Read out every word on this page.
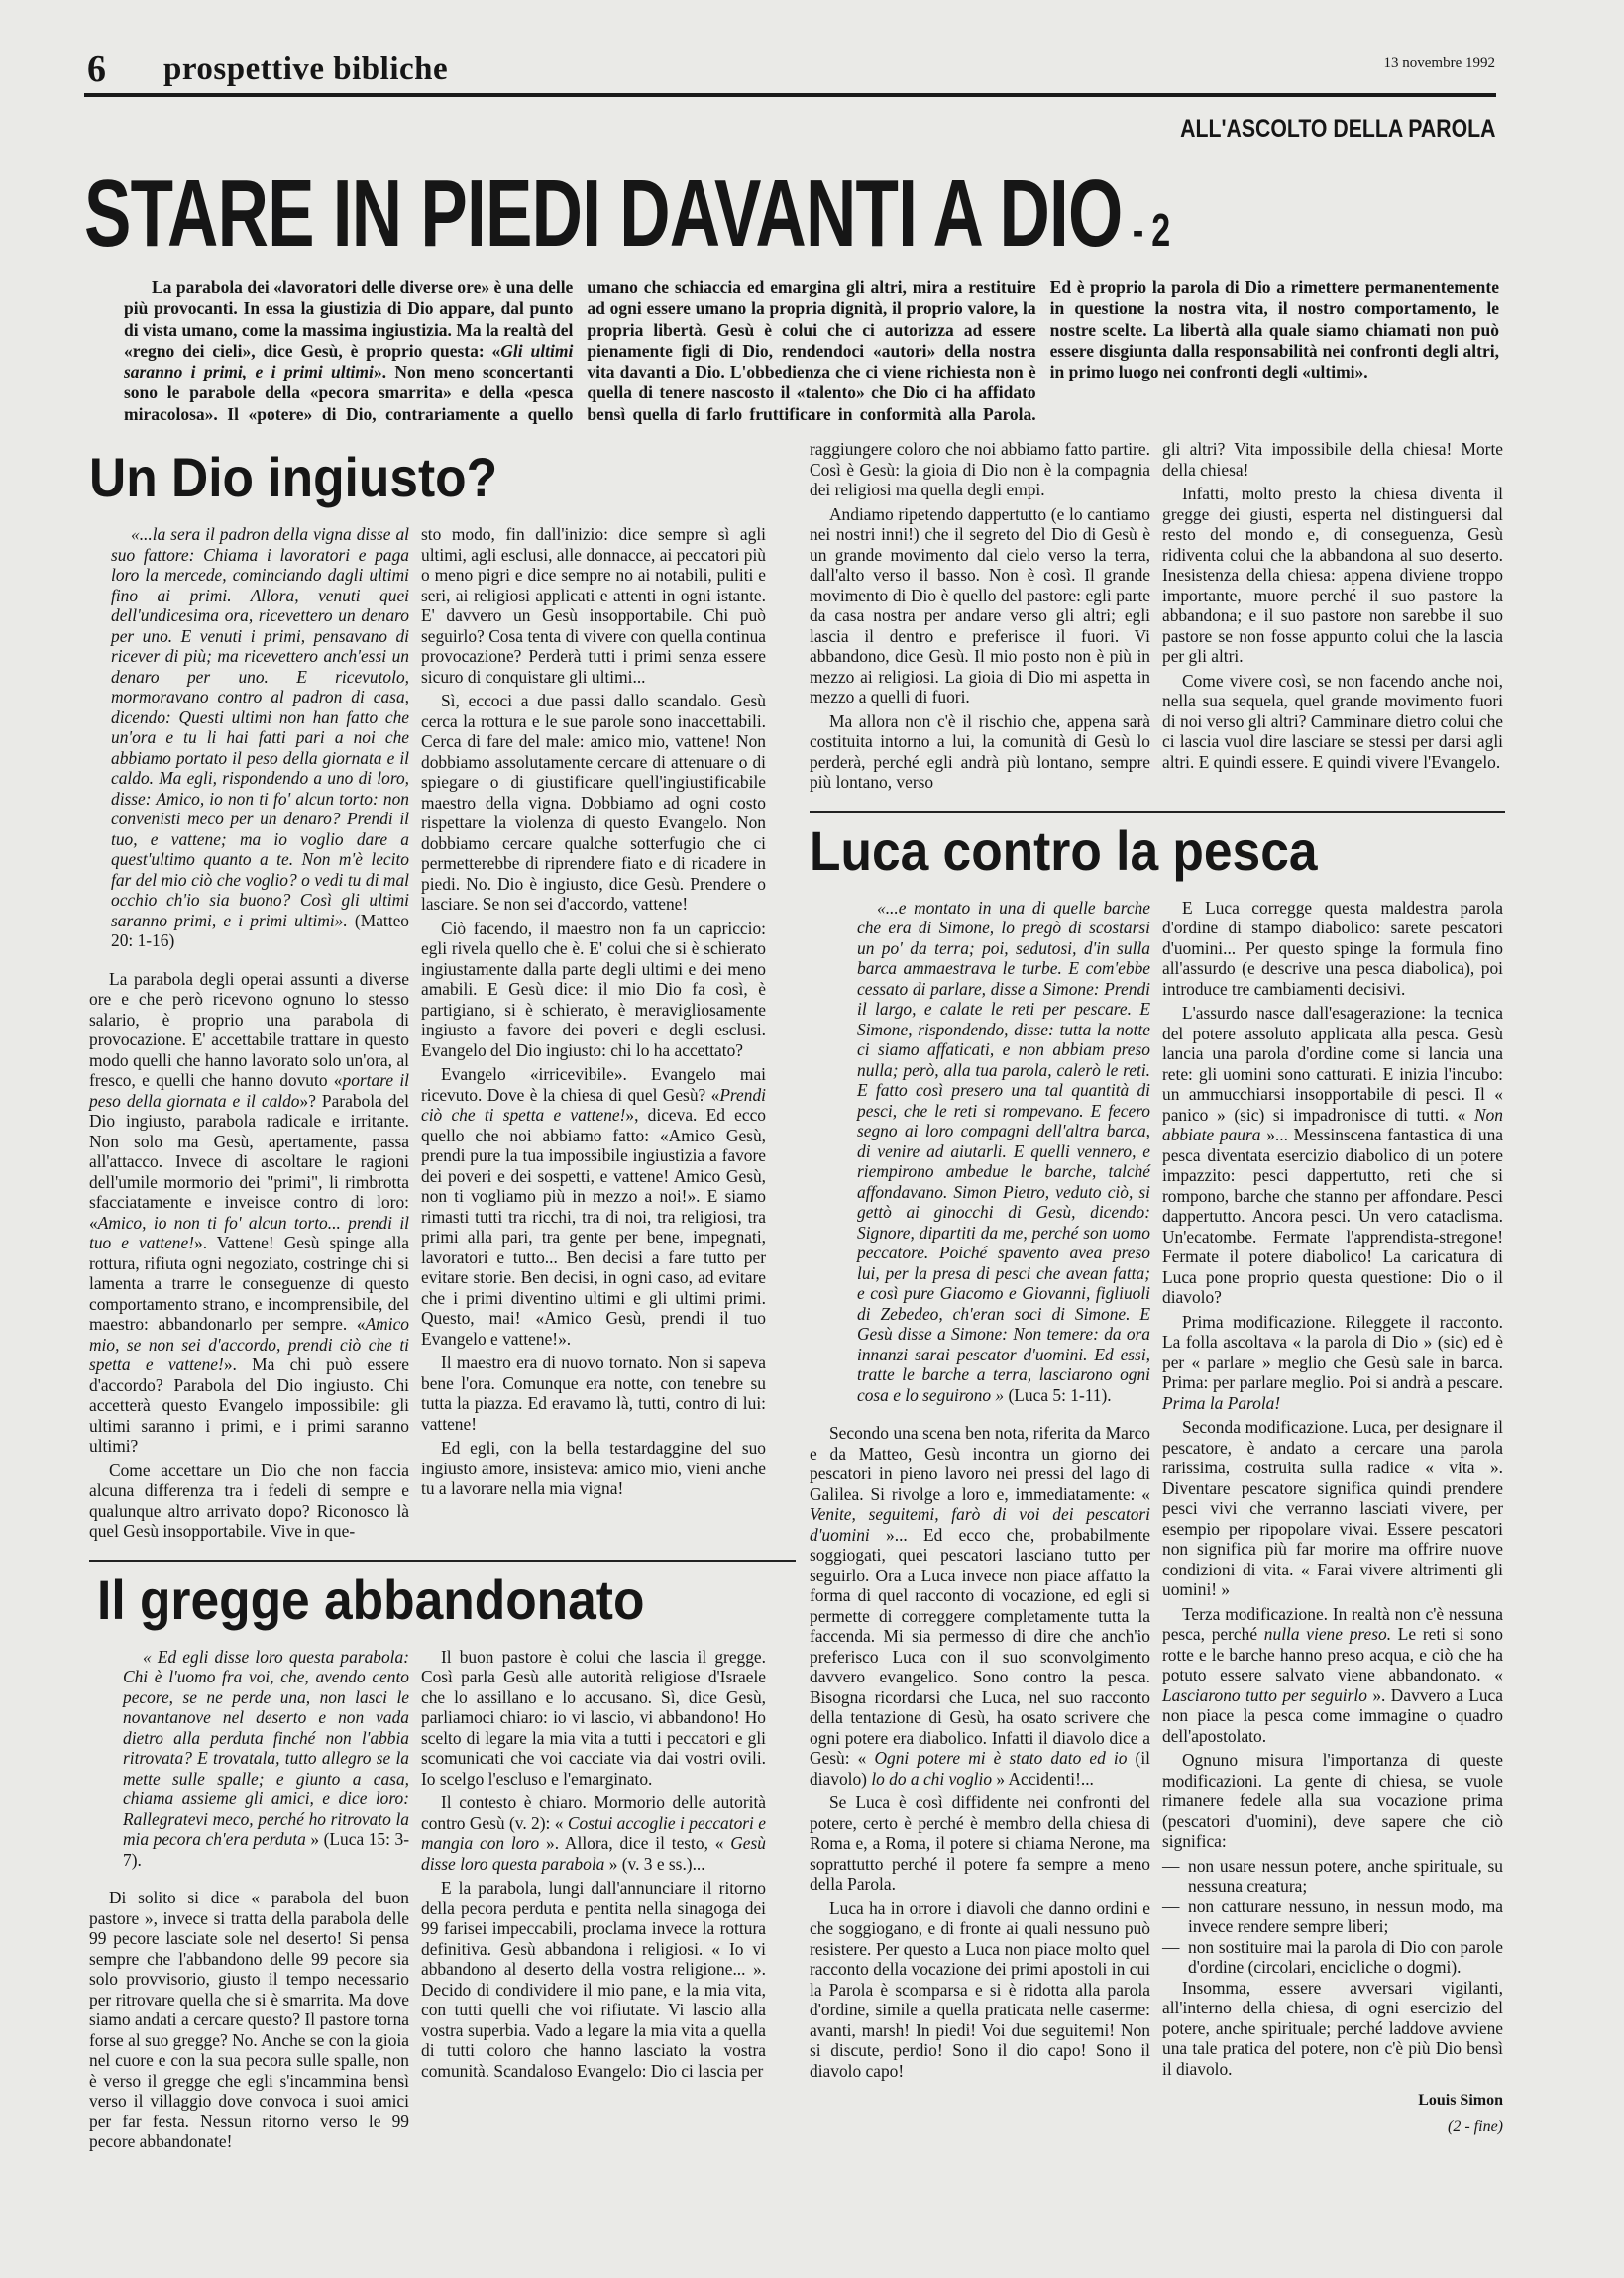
6 prospettive bibliche	13 novembre 1992
ALL'ASCOLTO DELLA PAROLA
STARE IN PIEDI DAVANTI A DIO - 2

La parabola dei «lavoratori delle diverse ore» è una delle più provocanti. In essa la giustizia di Dio appare, dal punto di vista umano, come la massima ingiustizia. Ma la realtà del «regno dei cieli», dice Gesù, è proprio questa: «Gli ultimi saranno i primi, e i primi ultimi». Non meno sconcertanti sono le parabole della «pecora smarrita» e della «pesca miracolosa». Il «potere» di Dio, contrariamente a quello umano che schiaccia ed emargina gli altri, mira a restituire ad ogni essere umano la propria dignità, il proprio valore, la propria libertà. Gesù è colui che ci autorizza ad essere pienamente figli di Dio, rendendoci «autori» della nostra vita davanti a Dio. L'obbedienza che ci viene richiesta non è quella di tenere nascosto il «talento» che Dio ci ha affidato bensì quella di farlo fruttificare in conformità alla Parola. Ed è proprio la parola di Dio a rimettere permanentemente in questione la nostra vita, il nostro comportamento, le nostre scelte. La libertà alla quale siamo chiamati non può essere disgiunta dalla responsabilità nei confronti degli altri, in primo luogo nei confronti degli «ultimi».

Un Dio ingiusto?

«...la sera il padron della vigna disse al suo fattore: Chiama i lavoratori e paga loro la mercede, cominciando dagli ultimi fino ai primi. Allora, venuti quei dell'undicesima ora, ricevettero un denaro per uno. E venuti i primi, pensavano di ricever di più; ma ricevettero anch'essi un denaro per uno. E ricevutolo, mormoravano contro al padron di casa, dicendo: Questi ultimi non han fatto che un'ora e tu li hai fatti pari a noi che abbiamo portato il peso della giornata e il caldo. Ma egli, rispondendo a uno di loro, disse: Amico, io non ti fo' alcun torto: non convenisti meco per un denaro? Prendi il tuo, e vattene; ma io voglio dare a quest'ultimo quanto a te. Non m'è lecito far del mio ciò che voglio? o vedi tu di mal occhio ch'io sia buono? Così gli ultimi saranno primi, e i primi ultimi». (Matteo 20: 1-16)

La parabola degli operai assunti a diverse ore e che però ricevono ognuno lo stesso salario, è proprio una parabola di provocazione. E' accettabile trattare in questo modo quelli che hanno lavorato solo un'ora, al fresco, e quelli che hanno dovuto «portare il peso della giornata e il caldo»? Parabola del Dio ingiusto, parabola radicale e irritante. Non solo ma Gesù, apertamente, passa all'attacco. Invece di ascoltare le ragioni dell'umile mormorio dei "primi", li rimbrotta sfacciatamente e inveisce contro di loro: «Amico, io non ti fo' alcun torto... prendi il tuo e vattene!». Vattene! Gesù spinge alla rottura, rifiuta ogni negoziato, costringe chi si lamenta a trarre le conseguenze di questo comportamento strano, e incomprensibile, del maestro: abbandonarlo per sempre. «Amico mio, se non sei d'accordo, prendi ciò che ti spetta e vattene!». Ma chi può essere d'accordo? Parabola del Dio ingiusto. Chi accetterà questo Evangelo impossibile: gli ultimi saranno i primi, e i primi saranno ultimi?

Come accettare un Dio che non faccia alcuna differenza tra i fedeli di sempre e qualunque altro arrivato dopo? Riconosco là quel Gesù insopportabile. Vive in que-

sto modo, fin dall'inizio: dice sempre sì agli ultimi, agli esclusi, alle donnacce, ai peccatori più o meno pigri e dice sempre no ai notabili, puliti e seri, ai religiosi applicati e attenti in ogni istante. E' davvero un Gesù insopportabile. Chi può seguirlo? Cosa tenta di vivere con quella continua provocazione? Perderà tutti i primi senza essere sicuro di conquistare gli ultimi...

Sì, eccoci a due passi dallo scandalo. Gesù cerca la rottura e le sue parole sono inaccettabili. Cerca di fare del male: amico mio, vattene! Non dobbiamo assolutamente cercare di attenuare o di spiegare o di giustificare quell'ingiustificabile maestro della vigna. Dobbiamo ad ogni costo rispettare la violenza di questo Evangelo. Non dobbiamo cercare qualche sotterfugio che ci permetterebbe di riprendere fiato e di ricadere in piedi. No. Dio è ingiusto, dice Gesù. Prendere o lasciare. Se non sei d'accordo, vattene!

Ciò facendo, il maestro non fa un capriccio: egli rivela quello che è. E' colui che si è schierato ingiustamente dalla parte degli ultimi e dei meno amabili. E Gesù dice: il mio Dio fa così, è partigiano, si è schierato, è meravigliosamente ingiusto a favore dei poveri e degli esclusi. Evangelo del Dio ingiusto: chi lo ha accettato?

Evangelo «irricevibile». Evangelo mai ricevuto. Dove è la chiesa di quel Gesù? «Prendi ciò che ti spetta e vattene!», diceva. Ed ecco quello che noi abbiamo fatto: «Amico Gesù, prendi pure la tua impossibile ingiustizia a favore dei poveri e dei sospetti, e vattene! Amico Gesù, non ti vogliamo più in mezzo a noi!». E siamo rimasti tutti tra ricchi, tra di noi, tra religiosi, tra primi alla pari, tra gente per bene, impegnati, lavoratori e tutto... Ben decisi a fare tutto per evitare storie. Ben decisi, in ogni caso, ad evitare che i primi diventino ultimi e gli ultimi primi. Questo, mai! «Amico Gesù, prendi il tuo Evangelo e vattene!».

Il maestro era di nuovo tornato. Non si sapeva bene l'ora. Comunque era notte, con tenebre su tutta la piazza. Ed eravamo là, tutti, contro di lui: vattene!

Ed egli, con la bella testardaggine del suo ingiusto amore, insisteva: amico mio, vieni anche tu a lavorare nella mia vigna!

Il gregge abbandonato

« Ed egli disse loro questa parabola: Chi è l'uomo fra voi, che, avendo cento pecore, se ne perde una, non lasci le novantanove nel deserto e non vada dietro alla perduta finché non l'abbia ritrovata? E trovatala, tutto allegro se la mette sulle spalle; e giunto a casa, chiama assieme gli amici, e dice loro: Rallegratevi meco, perché ho ritrovato la mia pecora ch'era perduta » (Luca 15: 3-7).

Di solito si dice « parabola del buon pastore », invece si tratta della parabola delle 99 pecore lasciate sole nel deserto! Si pensa sempre che l'abbandono delle 99 pecore sia solo provvisorio, giusto il tempo necessario per ritrovare quella che si è smarrita. Ma dove siamo andati a cercare questo? Il pastore torna forse al suo gregge? No. Anche se con la gioia nel cuore e con la sua pecora sulle spalle, non è verso il gregge che egli s'incammina bensì verso il villaggio dove convoca i suoi amici per far festa. Nessun ritorno verso le 99 pecore abbandonate!

Il buon pastore è colui che lascia il gregge. Così parla Gesù alle autorità religiose d'Israele che lo assillano e lo accusano. Sì, dice Gesù, parliamoci chiaro: io vi lascio, vi abbandono! Ho scelto di legare la mia vita a tutti i peccatori e gli scomunicati che voi cacciate via dai vostri ovili. Io scelgo l'escluso e l'emarginato.

Il contesto è chiaro. Mormorio delle autorità contro Gesù (v. 2): « Costui accoglie i peccatori e mangia con loro ». Allora, dice il testo, « Gesù disse loro questa parabola » (v. 3 e ss.)...

E la parabola, lungi dall'annunciare il ritorno della pecora perduta e pentita nella sinagoga dei 99 farisei impeccabili, proclama invece la rottura definitiva. Gesù abbandona i religiosi. « Io vi abbandono al deserto della vostra religione... ». Decido di condividere il mio pane, e la mia vita, con tutti quelli che voi rifiutate. Vi lascio alla vostra superbia. Vado a legare la mia vita a quella di tutti coloro che hanno lasciato la vostra comunità. Scandaloso Evangelo: Dio ci lascia per

raggiungere coloro che noi abbiamo fatto partire. Così è Gesù: la gioia di Dio non è la compagnia dei religiosi ma quella degli empi.

Andiamo ripetendo dappertutto (e lo cantiamo nei nostri inni!) che il segreto del Dio di Gesù è un grande movimento dal cielo verso la terra, dall'alto verso il basso. Non è così. Il grande movimento di Dio è quello del pastore: egli parte da casa nostra per andare verso gli altri; egli lascia il dentro e preferisce il fuori. Vi abbandono, dice Gesù. Il mio posto non è più in mezzo ai religiosi. La gioia di Dio mi aspetta in mezzo a quelli di fuori.

Ma allora non c'è il rischio che, appena sarà costituita intorno a lui, la comunità di Gesù lo perderà, perché egli andrà più lontano, sempre più lontano, verso

gli altri? Vita impossibile della chiesa! Morte della chiesa!

Infatti, molto presto la chiesa diventa il gregge dei giusti, esperta nel distinguersi dal resto del mondo e, di conseguenza, Gesù ridiventa colui che la abbandona al suo deserto. Inesistenza della chiesa: appena diviene troppo importante, muore perché il suo pastore la abbandona; e il suo pastore non sarebbe il suo pastore se non fosse appunto colui che la lascia per gli altri.

Come vivere così, se non facendo anche noi, nella sua sequela, quel grande movimento fuori di noi verso gli altri? Camminare dietro colui che ci lascia vuol dire lasciare se stessi per darsi agli altri. E quindi essere. E quindi vivere l'Evangelo.

Luca contro la pesca

«...e montato in una di quelle barche che era di Simone, lo pregò di scostarsi un po' da terra; poi, sedutosi, d'in sulla barca ammaestrava le turbe. E com'ebbe cessato di parlare, disse a Simone: Prendi il largo, e calate le reti per pescare. E Simone, rispondendo, disse: tutta la notte ci siamo affaticati, e non abbiam preso nulla; però, alla tua parola, calerò le reti. E fatto così presero una tal quantità di pesci, che le reti si rompevano. E fecero segno ai loro compagni dell'altra barca, di venire ad aiutarli. E quelli vennero, e riempirono ambedue le barche, talché affondavano. Simon Pietro, veduto ciò, si gettò ai ginocchi di Gesù, dicendo: Signore, dipartiti da me, perché son uomo peccatore. Poiché spavento avea preso lui, per la presa di pesci che avean fatta; e così pure Giacomo e Giovanni, figliuoli di Zebedeo, ch'eran soci di Simone. E Gesù disse a Simone: Non temere: da ora innanzi sarai pescator d'uomini. Ed essi, tratte le barche a terra, lasciarono ogni cosa e lo seguirono » (Luca 5: 1-11).

Secondo una scena ben nota, riferita da Marco e da Matteo, Gesù incontra un giorno dei pescatori in pieno lavoro nei pressi del lago di Galilea. Si rivolge a loro e, immediatamente: « Venite, seguitemi, farò di voi dei pescatori d'uomini »... Ed ecco che, probabilmente soggiogati, quei pescatori lasciano tutto per seguirlo. Ora a Luca invece non piace affatto la forma di quel racconto di vocazione, ed egli si permette di correggere completamente tutta la faccenda. Mi sia permesso di dire che anch'io preferisco Luca con il suo sconvolgimento davvero evangelico. Sono contro la pesca. Bisogna ricordarsi che Luca, nel suo racconto della tentazione di Gesù, ha osato scrivere che ogni potere era diabolico. Infatti il diavolo dice a Gesù: « Ogni potere mi è stato dato ed io (il diavolo) lo do a chi voglio » Accidenti!...

Se Luca è così diffidente nei confronti del potere, certo è perché è membro della chiesa di Roma e, a Roma, il potere si chiama Nerone, ma soprattutto perché il potere fa sempre a meno della Parola.

Luca ha in orrore i diavoli che danno ordini e che soggiogano, e di fronte ai quali nessuno può resistere. Per questo a Luca non piace molto quel racconto della vocazione dei primi apostoli in cui la Parola è scomparsa e si è ridotta alla parola d'ordine, simile a quella praticata nelle caserme: avanti, marsh! In piedi! Voi due seguitemi! Non si discute, perdio! Sono il dio capo! Sono il diavolo capo!

E Luca corregge questa maldestra parola d'ordine di stampo diabolico: sarete pescatori d'uomini... Per questo spinge la formula fino all'assurdo (e descrive una pesca diabolica), poi introduce tre cambiamenti decisivi.

L'assurdo nasce dall'esagerazione: la tecnica del potere assoluto applicata alla pesca. Gesù lancia una parola d'ordine come si lancia una rete: gli uomini sono catturati. E inizia l'incubo: un ammucchiarsi insopportabile di pesci. Il « panico » (sic) si impadronisce di tutti. « Non abbiate paura »... Messinscena fantastica di una pesca diventata esercizio diabolico di un potere impazzito: pesci dappertutto, reti che si rompono, barche che stanno per affondare. Pesci dappertutto. Ancora pesci. Un vero cataclisma. Un'ecatombe. Fermate l'apprendista-stregone! Fermate il potere diabolico! La caricatura di Luca pone proprio questa questione: Dio o il diavolo?

Prima modificazione. Rileggete il racconto. La folla ascoltava « la parola di Dio » (sic) ed è per « parlare » meglio che Gesù sale in barca. Prima: per parlare meglio. Poi si andrà a pescare. Prima la Parola!

Seconda modificazione. Luca, per designare il pescatore, è andato a cercare una parola rarissima, costruita sulla radice « vita ». Diventare pescatore significa quindi prendere pesci vivi che verranno lasciati vivere, per esempio per ripopolare vivai. Essere pescatori non significa più far morire ma offrire nuove condizioni di vita. « Farai vivere altrimenti gli uomini! »

Terza modificazione. In realtà non c'è nessuna pesca, perché nulla viene preso. Le reti si sono rotte e le barche hanno preso acqua, e ciò che ha potuto essere salvato viene abbandonato. « Lasciarono tutto per seguirlo ». Davvero a Luca non piace la pesca come immagine o quadro dell'apostolato.

Ognuno misura l'importanza di queste modificazioni. La gente di chiesa, se vuole rimanere fedele alla sua vocazione prima (pescatori d'uomini), deve sapere che ciò significa:

— non usare nessun potere, anche spirituale, su nessuna creatura;
— non catturare nessuno, in nessun modo, ma invece rendere sempre liberi;
— non sostituire mai la parola di Dio con parole d'ordine (circolari, encicliche o dogmi).

Insomma, essere avversari vigilanti, all'interno della chiesa, di ogni esercizio del potere, anche spirituale; perché laddove avviene una tale pratica del potere, non c'è più Dio bensì il diavolo.

Louis Simon
(2 - fine)
